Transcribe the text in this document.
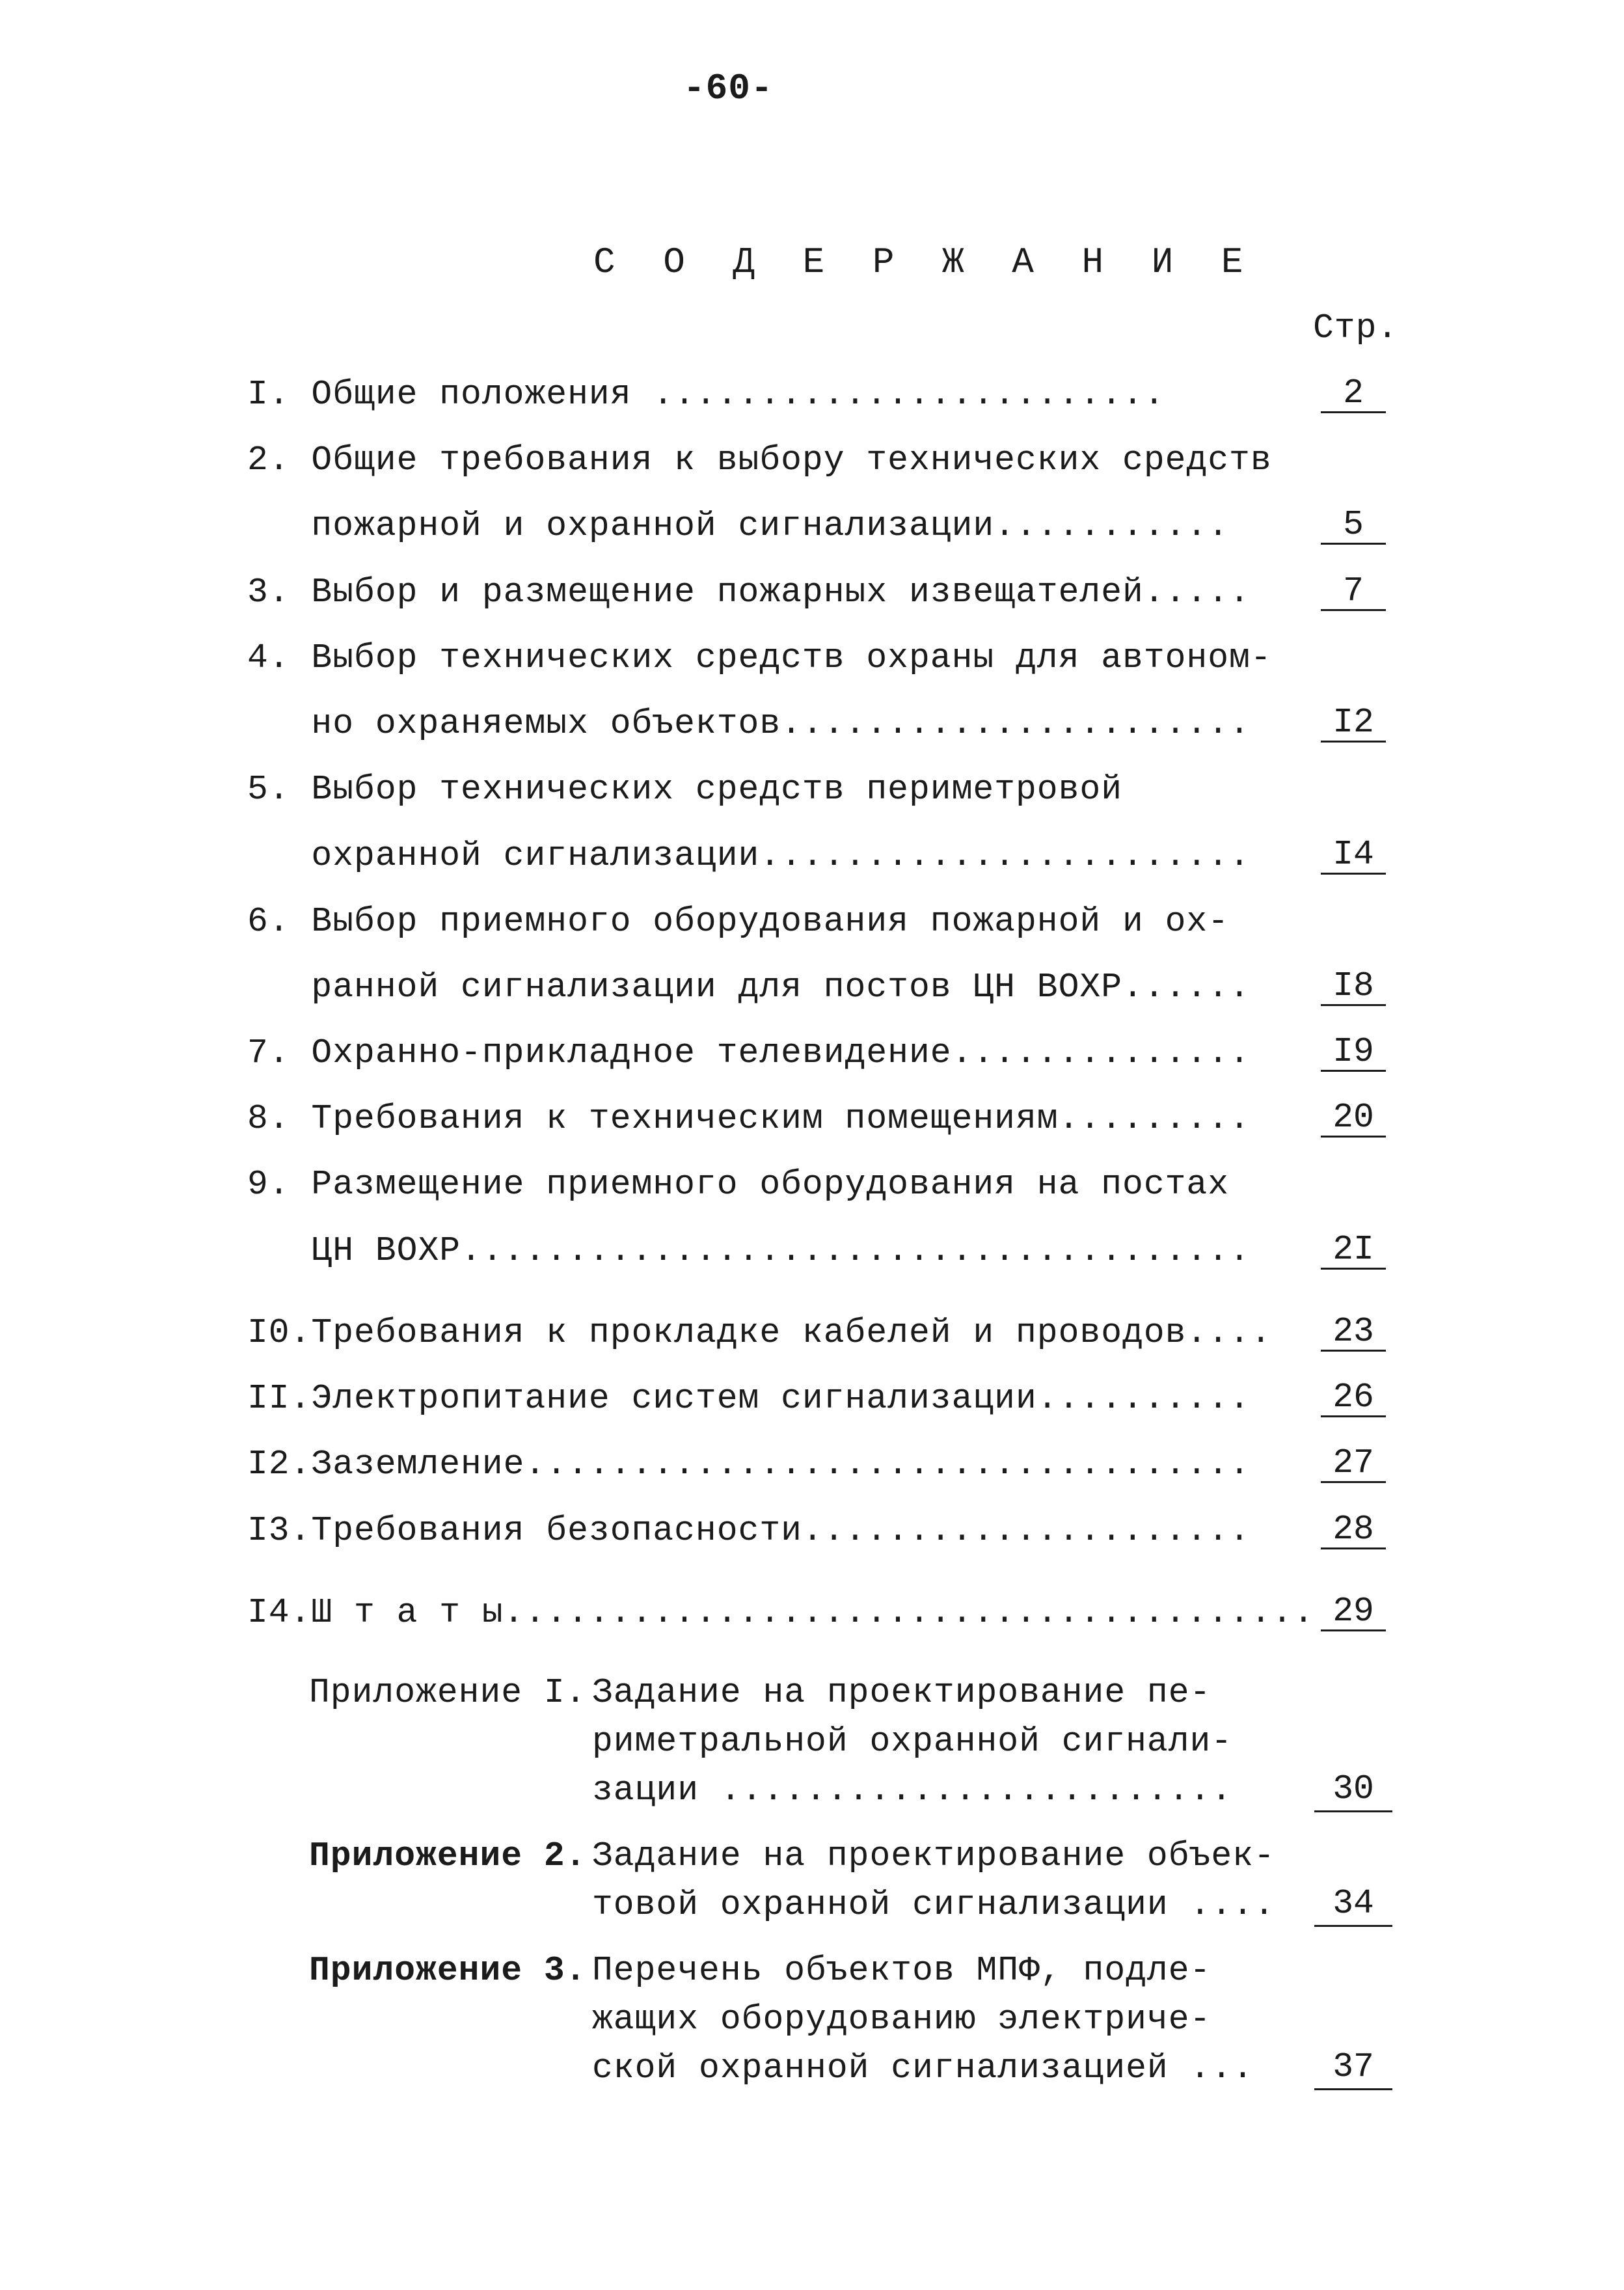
-60-
С О Д Е Р Ж А Н И Е
Стр.
I. Общие положения ........................	2
2. Общие требования к выбору технических средств
пожарной и охранной сигнализации...........	5
3. Выбор и размещение пожарных извещателей.....	7
4. Выбор технических средств охраны для автоном-
но охраняемых объектов......................	I2
5. Выбор технических средств периметровой
охранной сигнализации.......................	I4
6. Выбор приемного оборудования пожарной и ох-
ранной сигнализации для постов ЦН ВОХР......	I8
7. Охранно-прикладное телевидение..............	I9
8. Требования к техническим помещениям.........	20
9. Размещение приемного оборудования на постах
ЦН ВОХР.....................................	2I
I0.Требования к прокладке кабелей и проводов....	23
II.Электропитание систем сигнализации..........	26
I2.Заземление..................................	27
I3.Требования безопасности.....................	28
I4.Ш т а т ы...................................... 29
Приложение I. Задание на проектирование пе-
риметральной охранной сигнали-
зации ........................	30
Приложение 2. Задание на проектирование объек-
товой охранной сигнализации ....	34
Приложение 3. Перечень объектов МПФ, подле-
жащих оборудованию электриче-
ской охранной сигнализацией ...	37
